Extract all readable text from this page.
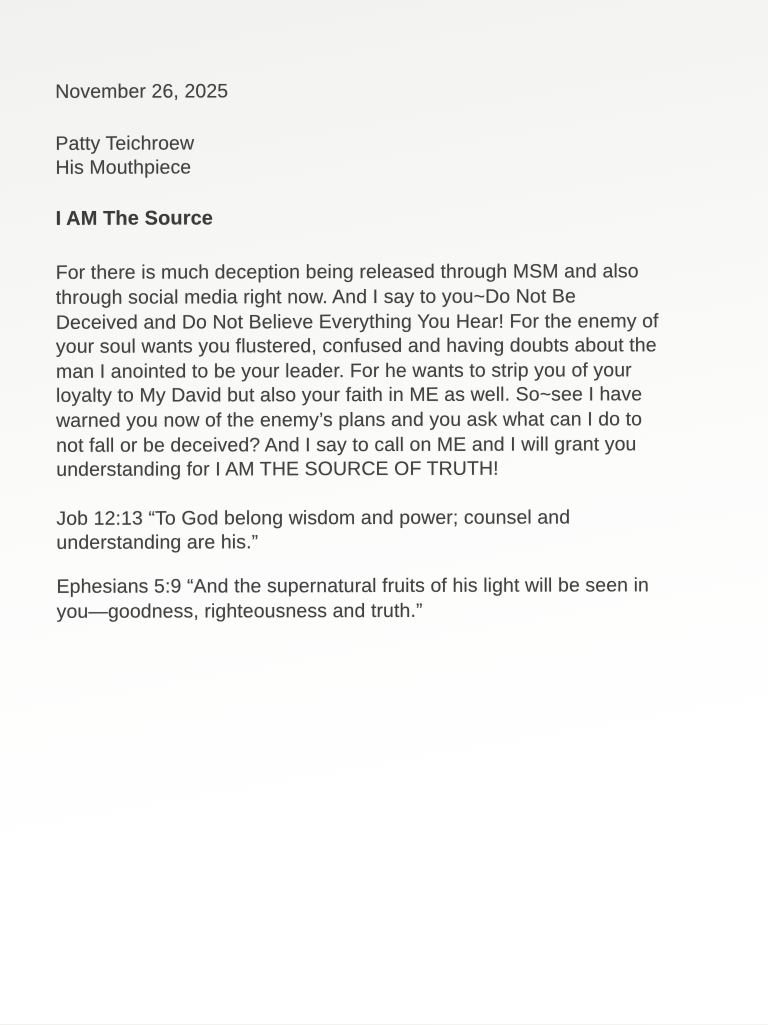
November 26, 2025
Patty Teichroew
His Mouthpiece
I AM The Source
For there is much deception being released through MSM and also
through social media right now. And I say to you~Do Not Be
Deceived and Do Not Believe Everything You Hear! For the enemy of
your soul wants you flustered, confused and having doubts about the
man I anointed to be your leader. For he wants to strip you of your
loyalty to My David but also your faith in ME as well. So~see I have
warned you now of the enemy’s plans and you ask what can I do to
not fall or be deceived? And I say to call on ME and I will grant you
understanding for I AM THE SOURCE OF TRUTH!
Job 12:13 “To God belong wisdom and power; counsel and
understanding are his.”
Ephesians 5:9 “And the supernatural fruits of his light will be seen in
you—goodness, righteousness and truth.”
